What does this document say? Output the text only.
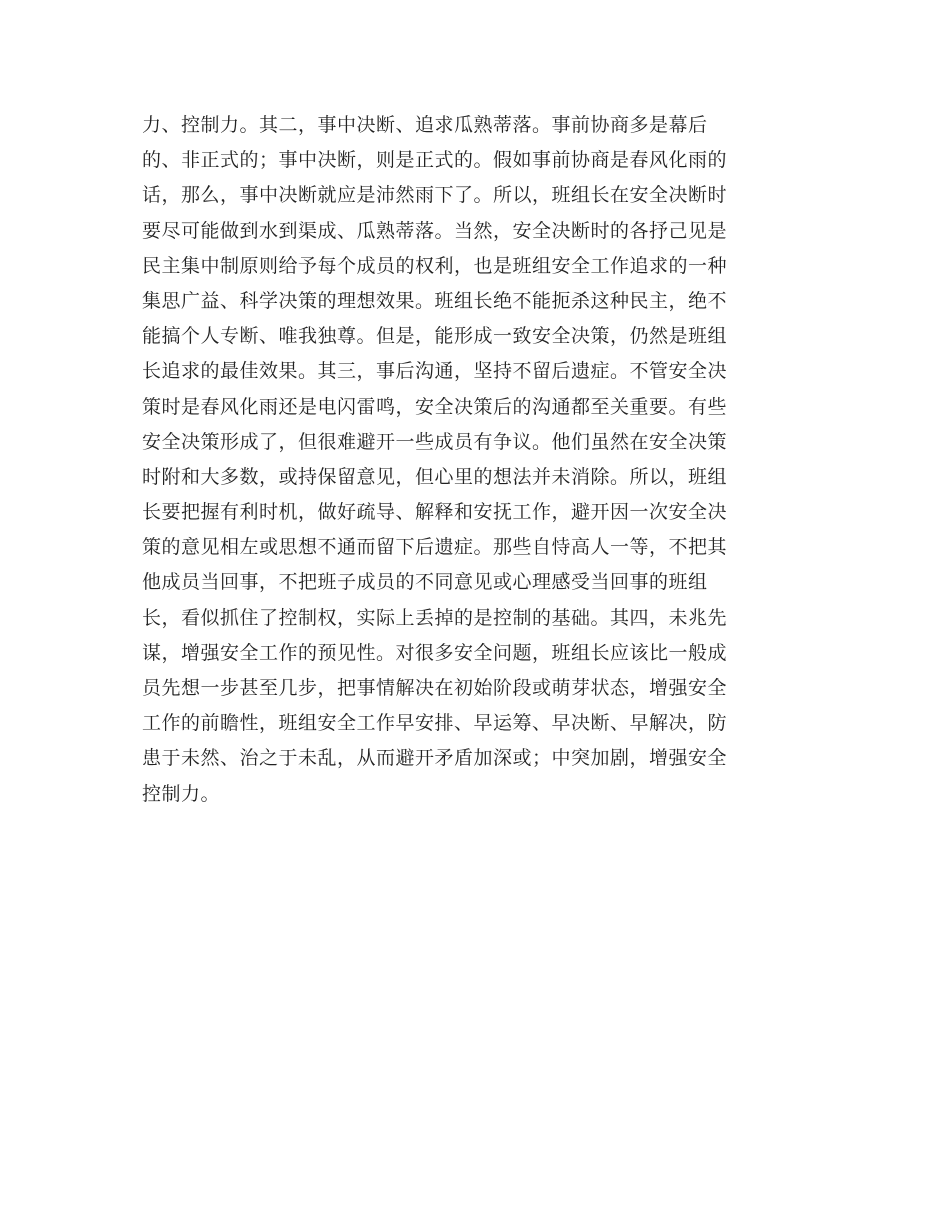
力、控制力。其二，事中决断、追求瓜熟蒂落。事前协商多是幕后
的、非正式的；事中决断，则是正式的。假如事前协商是春风化雨的
话，那么，事中决断就应是沛然雨下了。所以，班组长在安全决断时
要尽可能做到水到渠成、瓜熟蒂落。当然，安全决断时的各抒己见是
民主集中制原则给予每个成员的权利，也是班组安全工作追求的一种
集思广益、科学决策的理想效果。班组长绝不能扼杀这种民主，绝不
能搞个人专断、唯我独尊。但是，能形成一致安全决策，仍然是班组
长追求的最佳效果。其三，事后沟通，坚持不留后遗症。不管安全决
策时是春风化雨还是电闪雷鸣，安全决策后的沟通都至关重要。有些
安全决策形成了，但很难避开一些成员有争议。他们虽然在安全决策
时附和大多数，或持保留意见，但心里的想法并未消除。所以，班组
长要把握有利时机，做好疏导、解释和安抚工作，避开因一次安全决
策的意见相左或思想不通而留下后遗症。那些自恃高人一等，不把其
他成员当回事，不把班子成员的不同意见或心理感受当回事的班组
长，看似抓住了控制权，实际上丢掉的是控制的基础。其四，未兆先
谋，增强安全工作的预见性。对很多安全问题，班组长应该比一般成
员先想一步甚至几步，把事情解决在初始阶段或萌芽状态，增强安全
工作的前瞻性，班组安全工作早安排、早运筹、早决断、早解决，防
患于未然、治之于未乱，从而避开矛盾加深或；中突加剧，增强安全
控制力。
